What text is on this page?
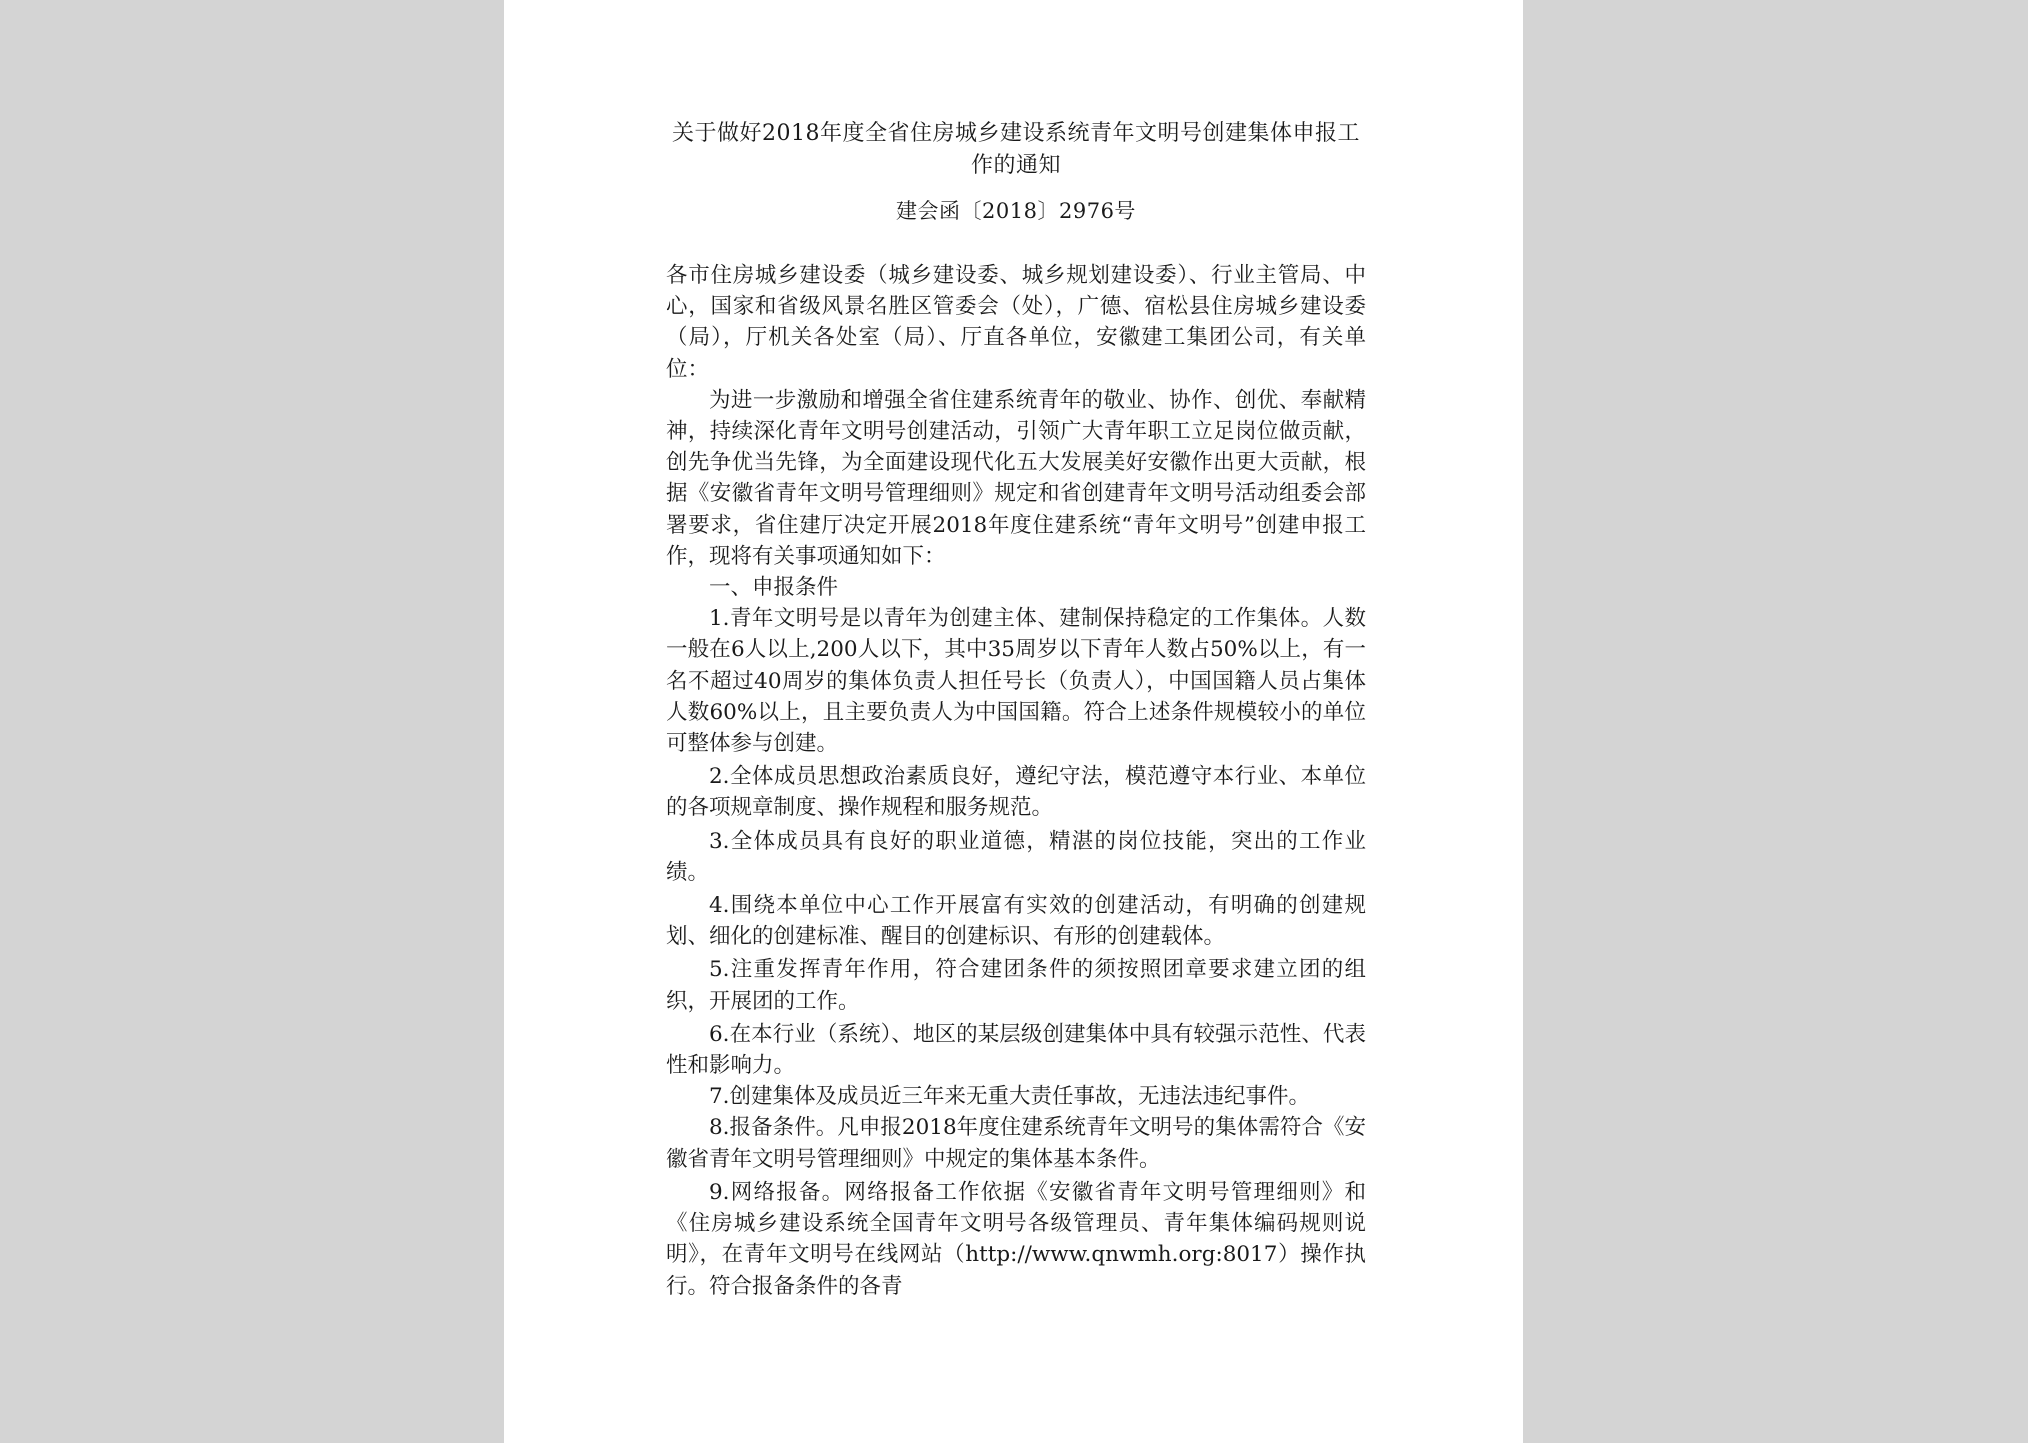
关于做好2018年度全省住房城乡建设系统青年文明号创建集体申报工作的通知
建会函〔2018〕2976号
各市住房城乡建设委（城乡建设委、城乡规划建设委）、行业主管局、中心，国家和省级风景名胜区管委会（处），广德、宿松县住房城乡建设委（局），厅机关各处室（局）、厅直各单位，安徽建工集团公司，有关单位：

为进一步激励和增强全省住建系统青年的敬业、协作、创优、奉献精神，持续深化青年文明号创建活动，引领广大青年职工立足岗位做贡献，创先争优当先锋，为全面建设现代化五大发展美好安徽作出更大贡献，根据《安徽省青年文明号管理细则》规定和省创建青年文明号活动组委会部署要求，省住建厅决定开展2018年度住建系统“青年文明号”创建申报工作，现将有关事项通知如下：

一、申报条件

1.青年文明号是以青年为创建主体、建制保持稳定的工作集体。人数一般在6人以上,200人以下，其中35周岁以下青年人数占50%以上，有一名不超过40周岁的集体负责人担任号长（负责人），中国国籍人员占集体人数60%以上，且主要负责人为中国国籍。符合上述条件规模较小的单位可整体参与创建。

2.全体成员思想政治素质良好，遵纪守法，模范遵守本行业、本单位的各项规章制度、操作规程和服务规范。

3.全体成员具有良好的职业道德，精湛的岗位技能，突出的工作业绩。

4.围绕本单位中心工作开展富有实效的创建活动，有明确的创建规划、细化的创建标准、醒目的创建标识、有形的创建载体。

5.注重发挥青年作用，符合建团条件的须按照团章要求建立团的组织，开展团的工作。

6.在本行业（系统）、地区的某层级创建集体中具有较强示范性、代表性和影响力。

7.创建集体及成员近三年来无重大责任事故，无违法违纪事件。

8.报备条件。凡申报2018年度住建系统青年文明号的集体需符合《安徽省青年文明号管理细则》中规定的集体基本条件。

9.网络报备。网络报备工作依据《安徽省青年文明号管理细则》和《住房城乡建设系统全国青年文明号各级管理员、青年集体编码规则说明》，在青年文明号在线网站（http://www.qnwmh.org:8017）操作执行。符合报备条件的各青
